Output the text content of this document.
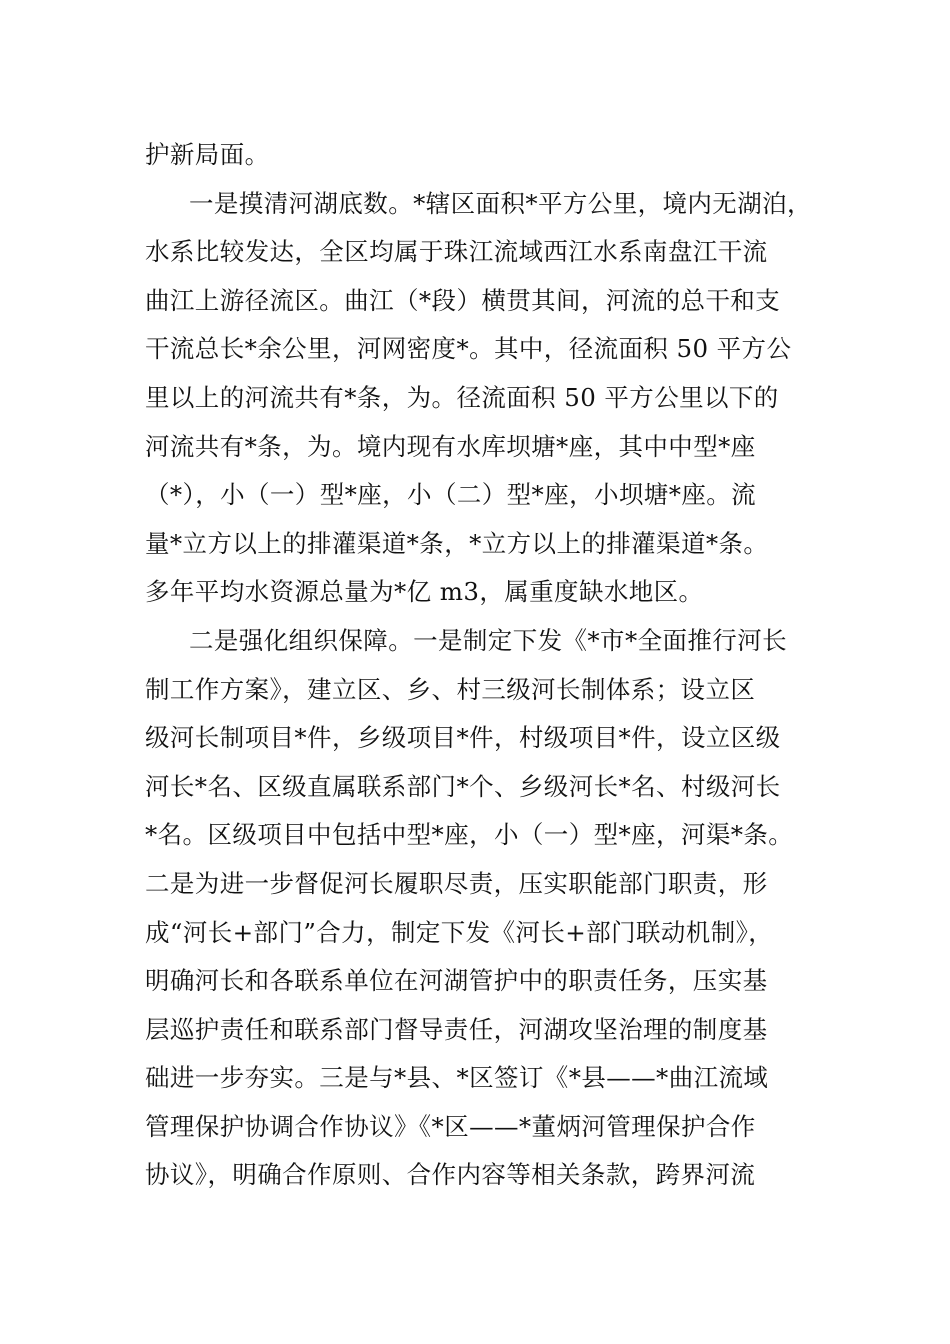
护新局面。
一是摸清河湖底数。*辖区面积*平方公里，境内无湖泊，
水系比较发达，全区均属于珠江流域西江水系南盘江干流
曲江上游径流区。曲江（*段）横贯其间，河流的总干和支
干流总长*余公里，河网密度*。其中，径流面积 50 平方公
里以上的河流共有*条，为。径流面积 50 平方公里以下的
河流共有*条，为。境内现有水库坝塘*座，其中中型*座
（*），小（一）型*座，小（二）型*座，小坝塘*座。流
量*立方以上的排灌渠道*条，*立方以上的排灌渠道*条。
多年平均水资源总量为*亿 m3，属重度缺水地区。
二是强化组织保障。一是制定下发《*市*全面推行河长
制工作方案》，建立区、乡、村三级河长制体系；设立区
级河长制项目*件，乡级项目*件，村级项目*件，设立区级
河长*名、区级直属联系部门*个、乡级河长*名、村级河长
*名。区级项目中包括中型*座，小（一）型*座，河渠*条。
二是为进一步督促河长履职尽责，压实职能部门职责，形
成“河长+部门”合力，制定下发《河长+部门联动机制》，
明确河长和各联系单位在河湖管护中的职责任务，压实基
层巡护责任和联系部门督导责任，河湖攻坚治理的制度基
础进一步夯实。三是与*县、*区签订《*县——*曲江流域
管理保护协调合作协议》《*区——*董炳河管理保护合作
协议》，明确合作原则、合作内容等相关条款，跨界河流
